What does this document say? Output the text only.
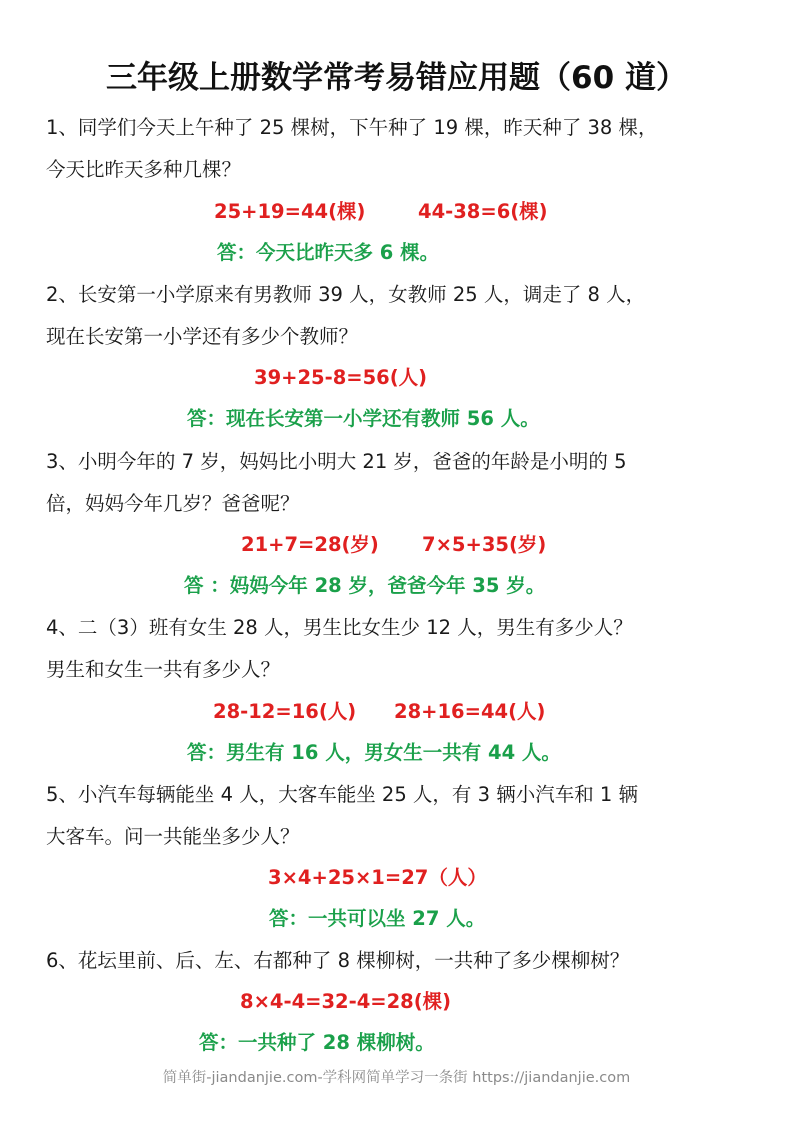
三年级上册数学常考易错应用题（60 道）
1、同学们今天上午种了 25 棵树，下午种了 19 棵，昨天种了 38 棵，
今天比昨天多种几棵？
25+19=44(棵)	44-38=6(棵)
答：今天比昨天多 6 棵。
2、长安第一小学原来有男教师 39 人，女教师 25 人，调走了 8 人，
现在长安第一小学还有多少个教师？
39+25-8=56(人)
答：现在长安第一小学还有教师 56 人。
3、小明今年的 7 岁，妈妈比小明大 21 岁，爸爸的年龄是小明的 5
倍，妈妈今年几岁？爸爸呢？
21+7=28(岁) 7×5+35(岁)
答 ：妈妈今年 28 岁，爸爸今年 35 岁。
4、二（3）班有女生 28 人，男生比女生少 12 人，男生有多少人？
男生和女生一共有多少人？
28-12=16(人) 28+16=44(人)
答：男生有 16 人，男女生一共有 44 人。
5、小汽车每辆能坐 4 人，大客车能坐 25 人，有 3 辆小汽车和 1 辆
大客车。问一共能坐多少人？
3×4+25×1=27（人）
答：一共可以坐 27 人。
6、花坛里前、后、左、右都种了 8 棵柳树，一共种了多少棵柳树？
8×4-4=32-4=28(棵)
答：一共种了 28 棵柳树。
简单街-jiandanjie.com-学科网简单学习一条街 https://jiandanjie.com
